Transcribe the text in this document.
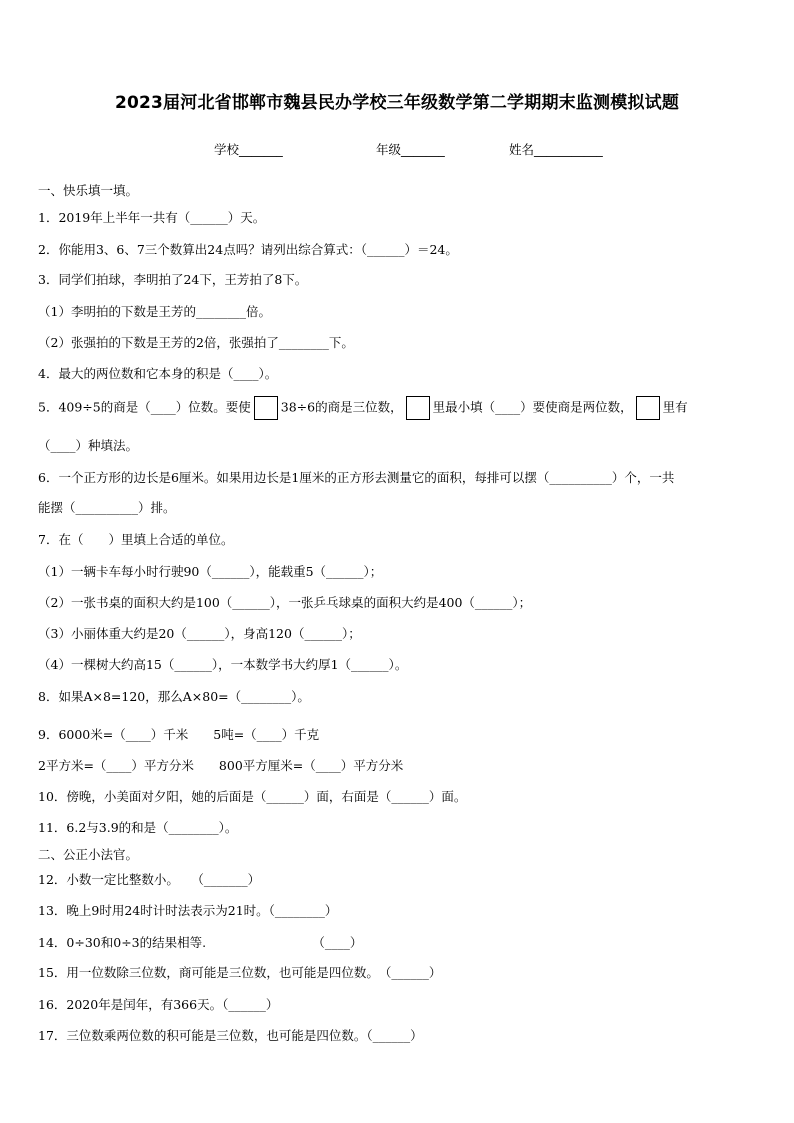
2023届河北省邯郸市魏县民办学校三年级数学第二学期期末监测模拟试题
学校_______	年级_______	姓名___________
一、快乐填一填。
1．2019年上半年一共有（______）天。
2．你能用3、6、7三个数算出24点吗？请列出综合算式：（______）＝24。
3．同学们拍球，李明拍了24下，王芳拍了8下。
（1）李明拍的下数是王芳的________倍。
（2）张强拍的下数是王芳的2倍，张强拍了________下。
4．最大的两位数和它本身的积是（____）。
5．409÷5的商是（____）位数。要使 38÷6的商是三位数， 里最小填（____）要使商是两位数， 里有
（____）种填法。
6．一个正方形的边长是6厘米。如果用边长是1厘米的正方形去测量它的面积，每排可以摆（__________）个，一共
能摆（__________）排。
7．在（　　）里填上合适的单位。
（1）一辆卡车每小时行驶90（______），能载重5（______）；
（2）一张书桌的面积大约是100（______），一张乒乓球桌的面积大约是400（______）；
（3）小丽体重大约是20（______），身高120（______）；
（4）一棵树大约高15（______），一本数学书大约厚1（______）。
8．如果A×8=120，那么A×80=（________）。
9．6000米=（____）千米　　5吨=（____）千克
2平方米=（____）平方分米　　800平方厘米=（____）平方分米
10．傍晚，小美面对夕阳，她的后面是（______）面，右面是（______）面。
11．6.2与3.9的和是（________）。
二、公正小法官。
12．小数一定比整数小。　　（_______）
13．晚上9时用24时计时法表示为21时。（________）
14．0÷30和0÷3的结果相等.　　　　　　　　　（____）
15．用一位数除三位数，商可能是三位数，也可能是四位数。　（______）
16．2020年是闰年，有366天。（______）
17．三位数乘两位数的积可能是三位数，也可能是四位数。（______）
